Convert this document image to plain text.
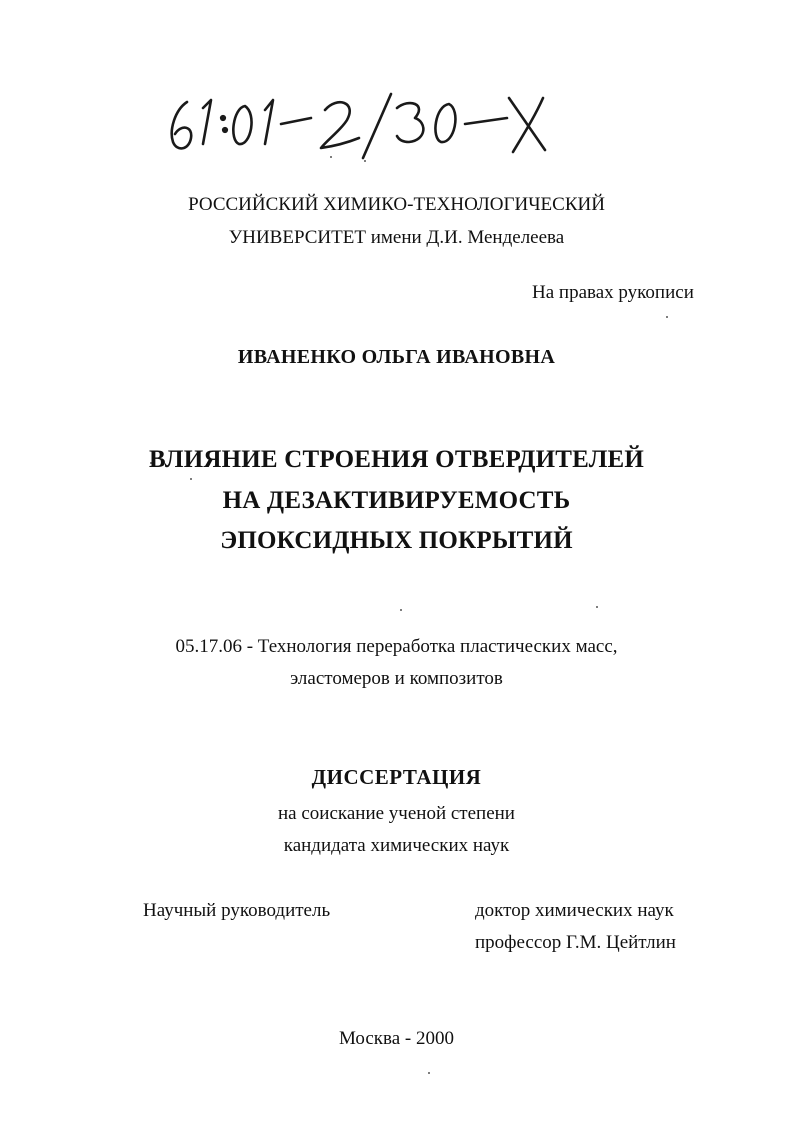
РОССИЙСКИЙ ХИМИКО-ТЕХНОЛОГИЧЕСКИЙ
УНИВЕРСИТЕТ имени Д.И. Менделеева
На правах рукописи
ИВАНЕНКО ОЛЬГА ИВАНОВНА
ВЛИЯНИЕ СТРОЕНИЯ ОТВЕРДИТЕЛЕЙ
НА ДЕЗАКТИВИРУЕМОСТЬ
ЭПОКСИДНЫХ ПОКРЫТИЙ
05.17.06 - Технология переработка пластических масс,
эластомеров и композитов
ДИССЕРТАЦИЯ
на соискание ученой степени
кандидата химических наук
Научный руководитель	доктор химических наук
профессор Г.М. Цейтлин
Москва - 2000
